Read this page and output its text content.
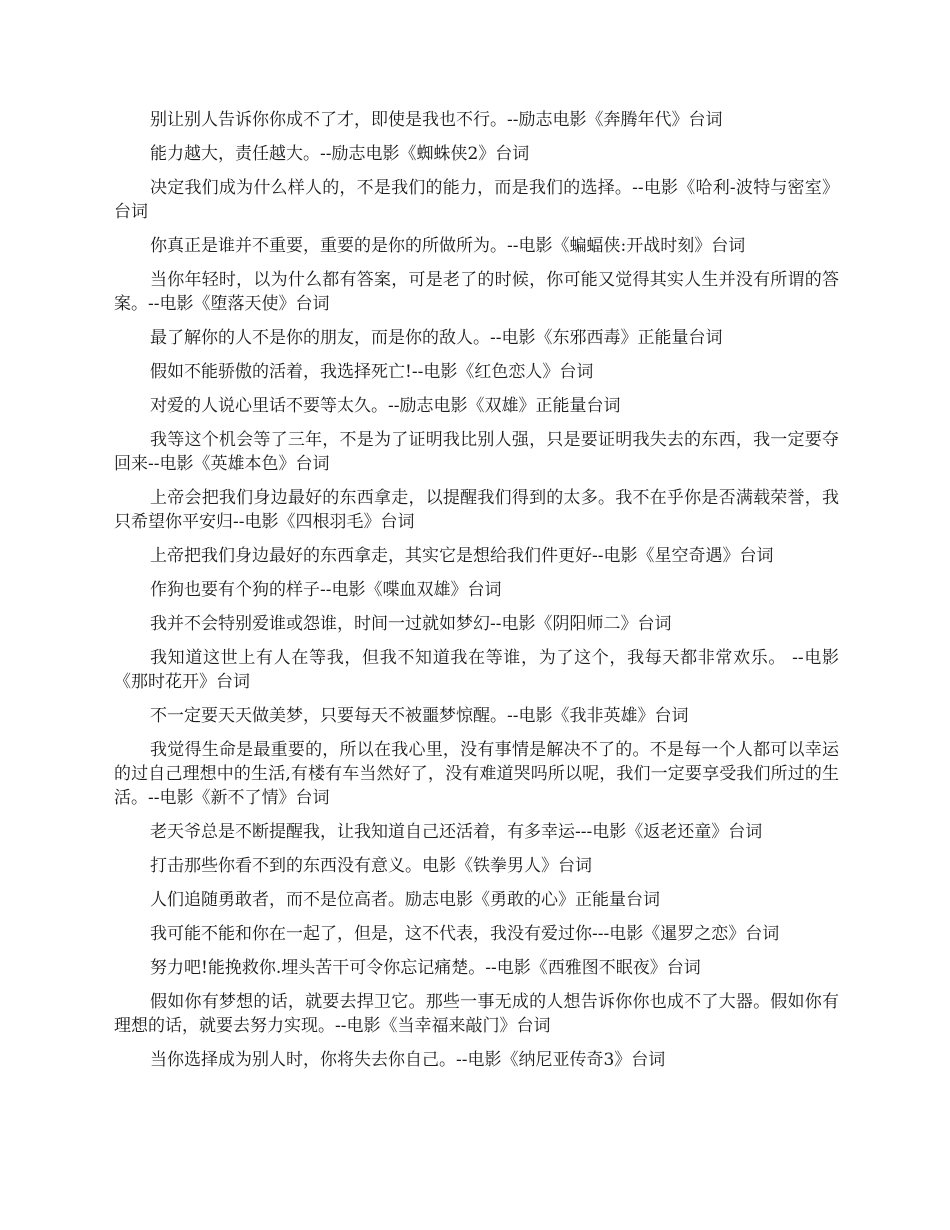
别让别人告诉你你成不了才，即使是我也不行。--励志电影《奔腾年代》台词

能力越大，责任越大。--励志电影《蜘蛛侠2》台词

决定我们成为什么样人的，不是我们的能力，而是我们的选择。--电影《哈利-波特与密室》台词

你真正是谁并不重要，重要的是你的所做所为。--电影《蝙蝠侠:开战时刻》台词

当你年轻时，以为什么都有答案，可是老了的时候，你可能又觉得其实人生并没有所谓的答案。--电影《堕落天使》台词

最了解你的人不是你的朋友，而是你的敌人。--电影《东邪西毒》正能量台词

假如不能骄傲的活着，我选择死亡!--电影《红色恋人》台词

对爱的人说心里话不要等太久。--励志电影《双雄》正能量台词

我等这个机会等了三年，不是为了证明我比别人强，只是要证明我失去的东西，我一定要夺回来--电影《英雄本色》台词

上帝会把我们身边最好的东西拿走，以提醒我们得到的太多。我不在乎你是否满载荣誉，我只希望你平安归--电影《四根羽毛》台词

上帝把我们身边最好的东西拿走，其实它是想给我们件更好--电影《星空奇遇》台词

作狗也要有个狗的样子--电影《喋血双雄》台词

我并不会特别爱谁或怨谁，时间一过就如梦幻--电影《阴阳师二》台词

我知道这世上有人在等我，但我不知道我在等谁，为了这个，我每天都非常欢乐。 --电影《那时花开》台词

不一定要天天做美梦，只要每天不被噩梦惊醒。--电影《我非英雄》台词

我觉得生命是最重要的，所以在我心里，没有事情是解决不了的。不是每一个人都可以幸运的过自己理想中的生活,有楼有车当然好了，没有难道哭吗所以呢，我们一定要享受我们所过的生活。--电影《新不了情》台词

老天爷总是不断提醒我，让我知道自己还活着，有多幸运---电影《返老还童》台词

打击那些你看不到的东西没有意义。电影《铁拳男人》台词

人们追随勇敢者，而不是位高者。励志电影《勇敢的心》正能量台词

我可能不能和你在一起了，但是，这不代表，我没有爱过你---电影《暹罗之恋》台词

努力吧!能挽救你.埋头苦干可令你忘记痛楚。--电影《西雅图不眠夜》台词

假如你有梦想的话，就要去捍卫它。那些一事无成的人想告诉你你也成不了大器。假如你有理想的话，就要去努力实现。--电影《当幸福来敲门》台词

当你选择成为别人时，你将失去你自己。--电影《纳尼亚传奇3》台词
